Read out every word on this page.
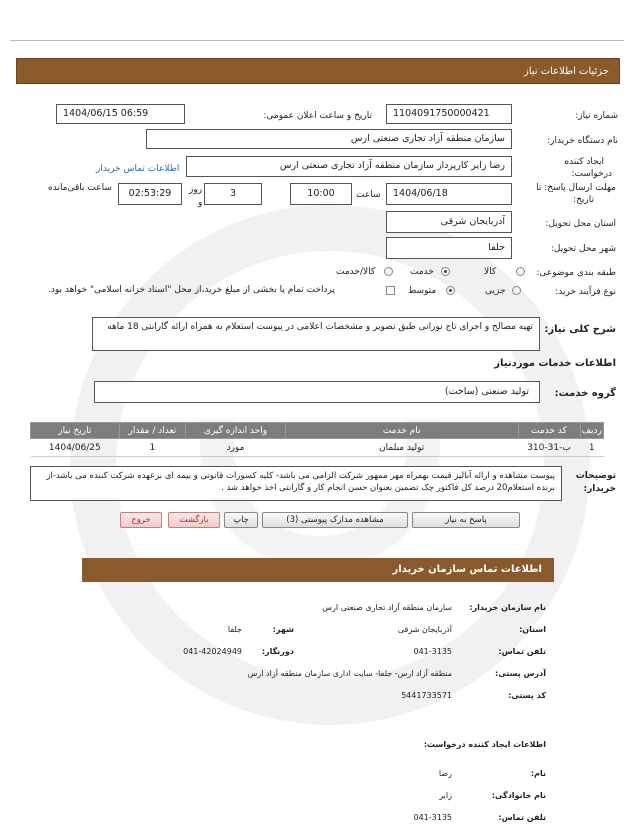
جزئیات اطلاعات نیاز
شماره نیاز:
1104091750000421
تاریخ و ساعت اعلان عمومی:
1404/06/15 06:59
نام دستگاه خریدار:
سازمان منطقه آزاد تجاری صنعتی ارس
ایجاد کننده
درخواست:
رضا زایر کارپرداز سازمان منطقه آزاد تجاری صنعتی ارس
اطلاعات تماس خریدار
مهلت ارسال پاسخ: تا
تاریخ:
1404/06/18
ساعت
10:00
3
روز
و
02:53:29
ساعت باقی‌مانده
استان محل تحویل:
آذربایجان شرقی
شهر محل تحویل:
جلفا
طبقه بندی موضوعی:
کالا
خدمت
کالا/خدمت
نوع فرآیند خرید:
جزیی
متوسط
پرداخت تمام یا بخشی از مبلغ خرید،از محل "اسناد خزانه اسلامی" خواهد بود.
شرح کلی نیاز:
تهیه مصالح و اجرای تاج نورانی طبق تصویر و مشخصات اعلامی در پیوست استعلام به همراه ارائه گارانتی 18 ماهه
اطلاعات خدمات موردنیاز
گروه خدمت:
تولید صنعتی (ساخت)
ردیف	کد خدمت	نام خدمت	واحد اندازه گیری	تعداد / مقدار	تاریخ نیاز
1	ب-31-310	تولید مبلمان	مورد	1	1404/06/25
توضیحات
خریدار:
پیوست مشاهده و ارائه آنالیز قیمت بهمراه مهر ممهور شرکت الزامی می باشد- کلیه کسورات قانونی و بیمه ای برعهده شرکت کننده می باشد-از برنده استعلام20 درصد کل فاکتور چک تضمین بعنوان حسن انجام کار و گارانتی اخذ خواهد شد .
پاسخ به نیاز
مشاهده مدارک پیوستی (3)
چاپ
بازگشت
خروج
اطلاعات تماس سازمان خریدار
نام سازمان خریدار:
سازمان منطقه آزاد تجاری صنعتی ارس
استان:
آذربایجان شرقی
شهر:
جلفا
تلفن تماس:
041-3135
دورنگار:
041-42024949
آدرس پستی:
منطقه آزاد ارس- جلفا- سایت اداری سازمان منطقه آزاد ارس
کد پستی:
5441733571
اطلاعات ایجاد کننده درخواست:
نام:
رضا
نام خانوادگی:
زایر
تلفن تماس:
041-3135
